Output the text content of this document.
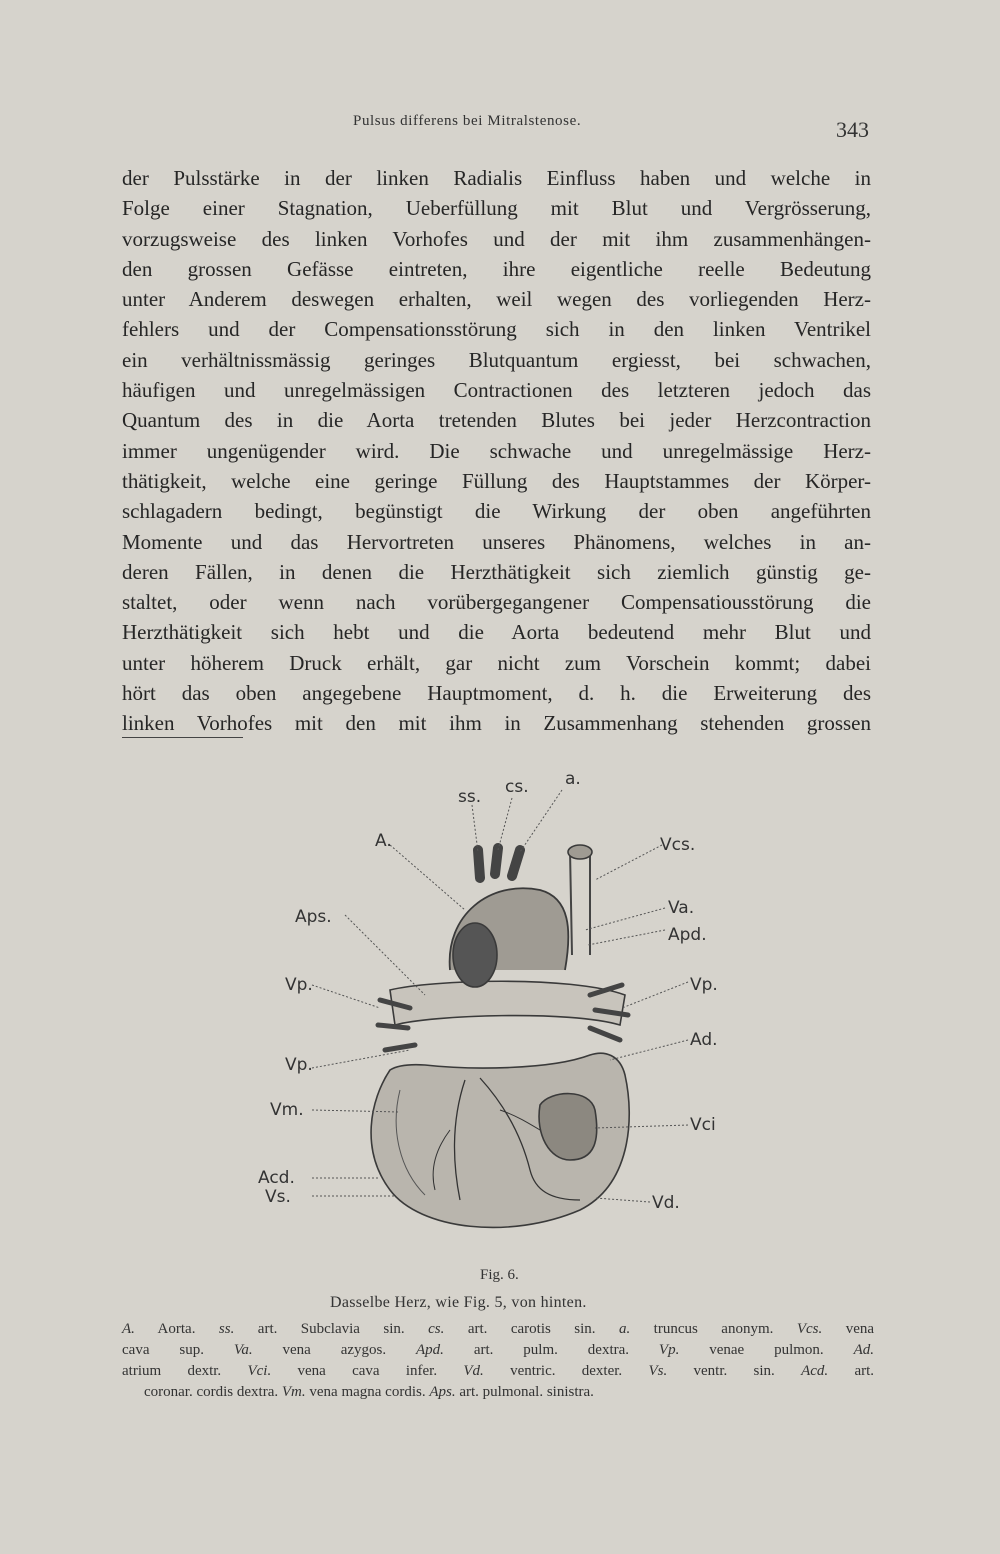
Pulsus differens bei Mitralstenose.	343
der Pulsstärke in der linken Radialis Einfluss haben und welche in
Folge einer Stagnation, Ueberfüllung mit Blut und Vergrösserung,
vorzugsweise des linken Vorhofes und der mit ihm zusammenhängen-
den grossen Gefässe eintreten, ihre eigentliche reelle Bedeutung
unter Anderem deswegen erhalten, weil wegen des vorliegenden Herz-
fehlers und der Compensationsstörung sich in den linken Ventrikel
ein verhältnissmässig geringes Blutquantum ergiesst, bei schwachen,
häufigen und unregelmässigen Contractionen des letzteren jedoch das
Quantum des in die Aorta tretenden Blutes bei jeder Herzcontraction
immer ungenügender wird. Die schwache und unregelmässige Herz-
thätigkeit, welche eine geringe Füllung des Hauptstammes der Körper-
schlagadern bedingt, begünstigt die Wirkung der oben angeführten
Momente und das Hervortreten unseres Phänomens, welches in an-
deren Fällen, in denen die Herzthätigkeit sich ziemlich günstig ge-
staltet, oder wenn nach vorübergegangener Compensatiousstörung die
Herzthätigkeit sich hebt und die Aorta bedeutend mehr Blut und
unter höherem Druck erhält, gar nicht zum Vorschein kommt; dabei
hört das oben angegebene Hauptmoment, d. h. die Erweiterung des
linken Vorhofes mit den mit ihm in Zusammenhang stehenden grossen
ss. cs. a.
A.	Vcs.
Aps.	Va.
Apd.
Vp.	Vp.
Vp.
Ad.
Vm.
Vci
Acd.
Vs.	Vd.
Fig. 6.
Dasselbe Herz, wie Fig. 5, von hinten.
A. Aorta. ss. art. Subclavia sin. cs. art. carotis sin. a. truncus anonym. Vcs. vena
cava sup. Va. vena azygos. Apd. art. pulm. dextra. Vp. venae pulmon. Ad.
atrium dextr. Vci. vena cava infer. Vd. ventric. dexter. Vs. ventr. sin. Acd. art.
coronar. cordis dextra. Vm. vena magna cordis. Aps. art. pulmonal. sinistra.
